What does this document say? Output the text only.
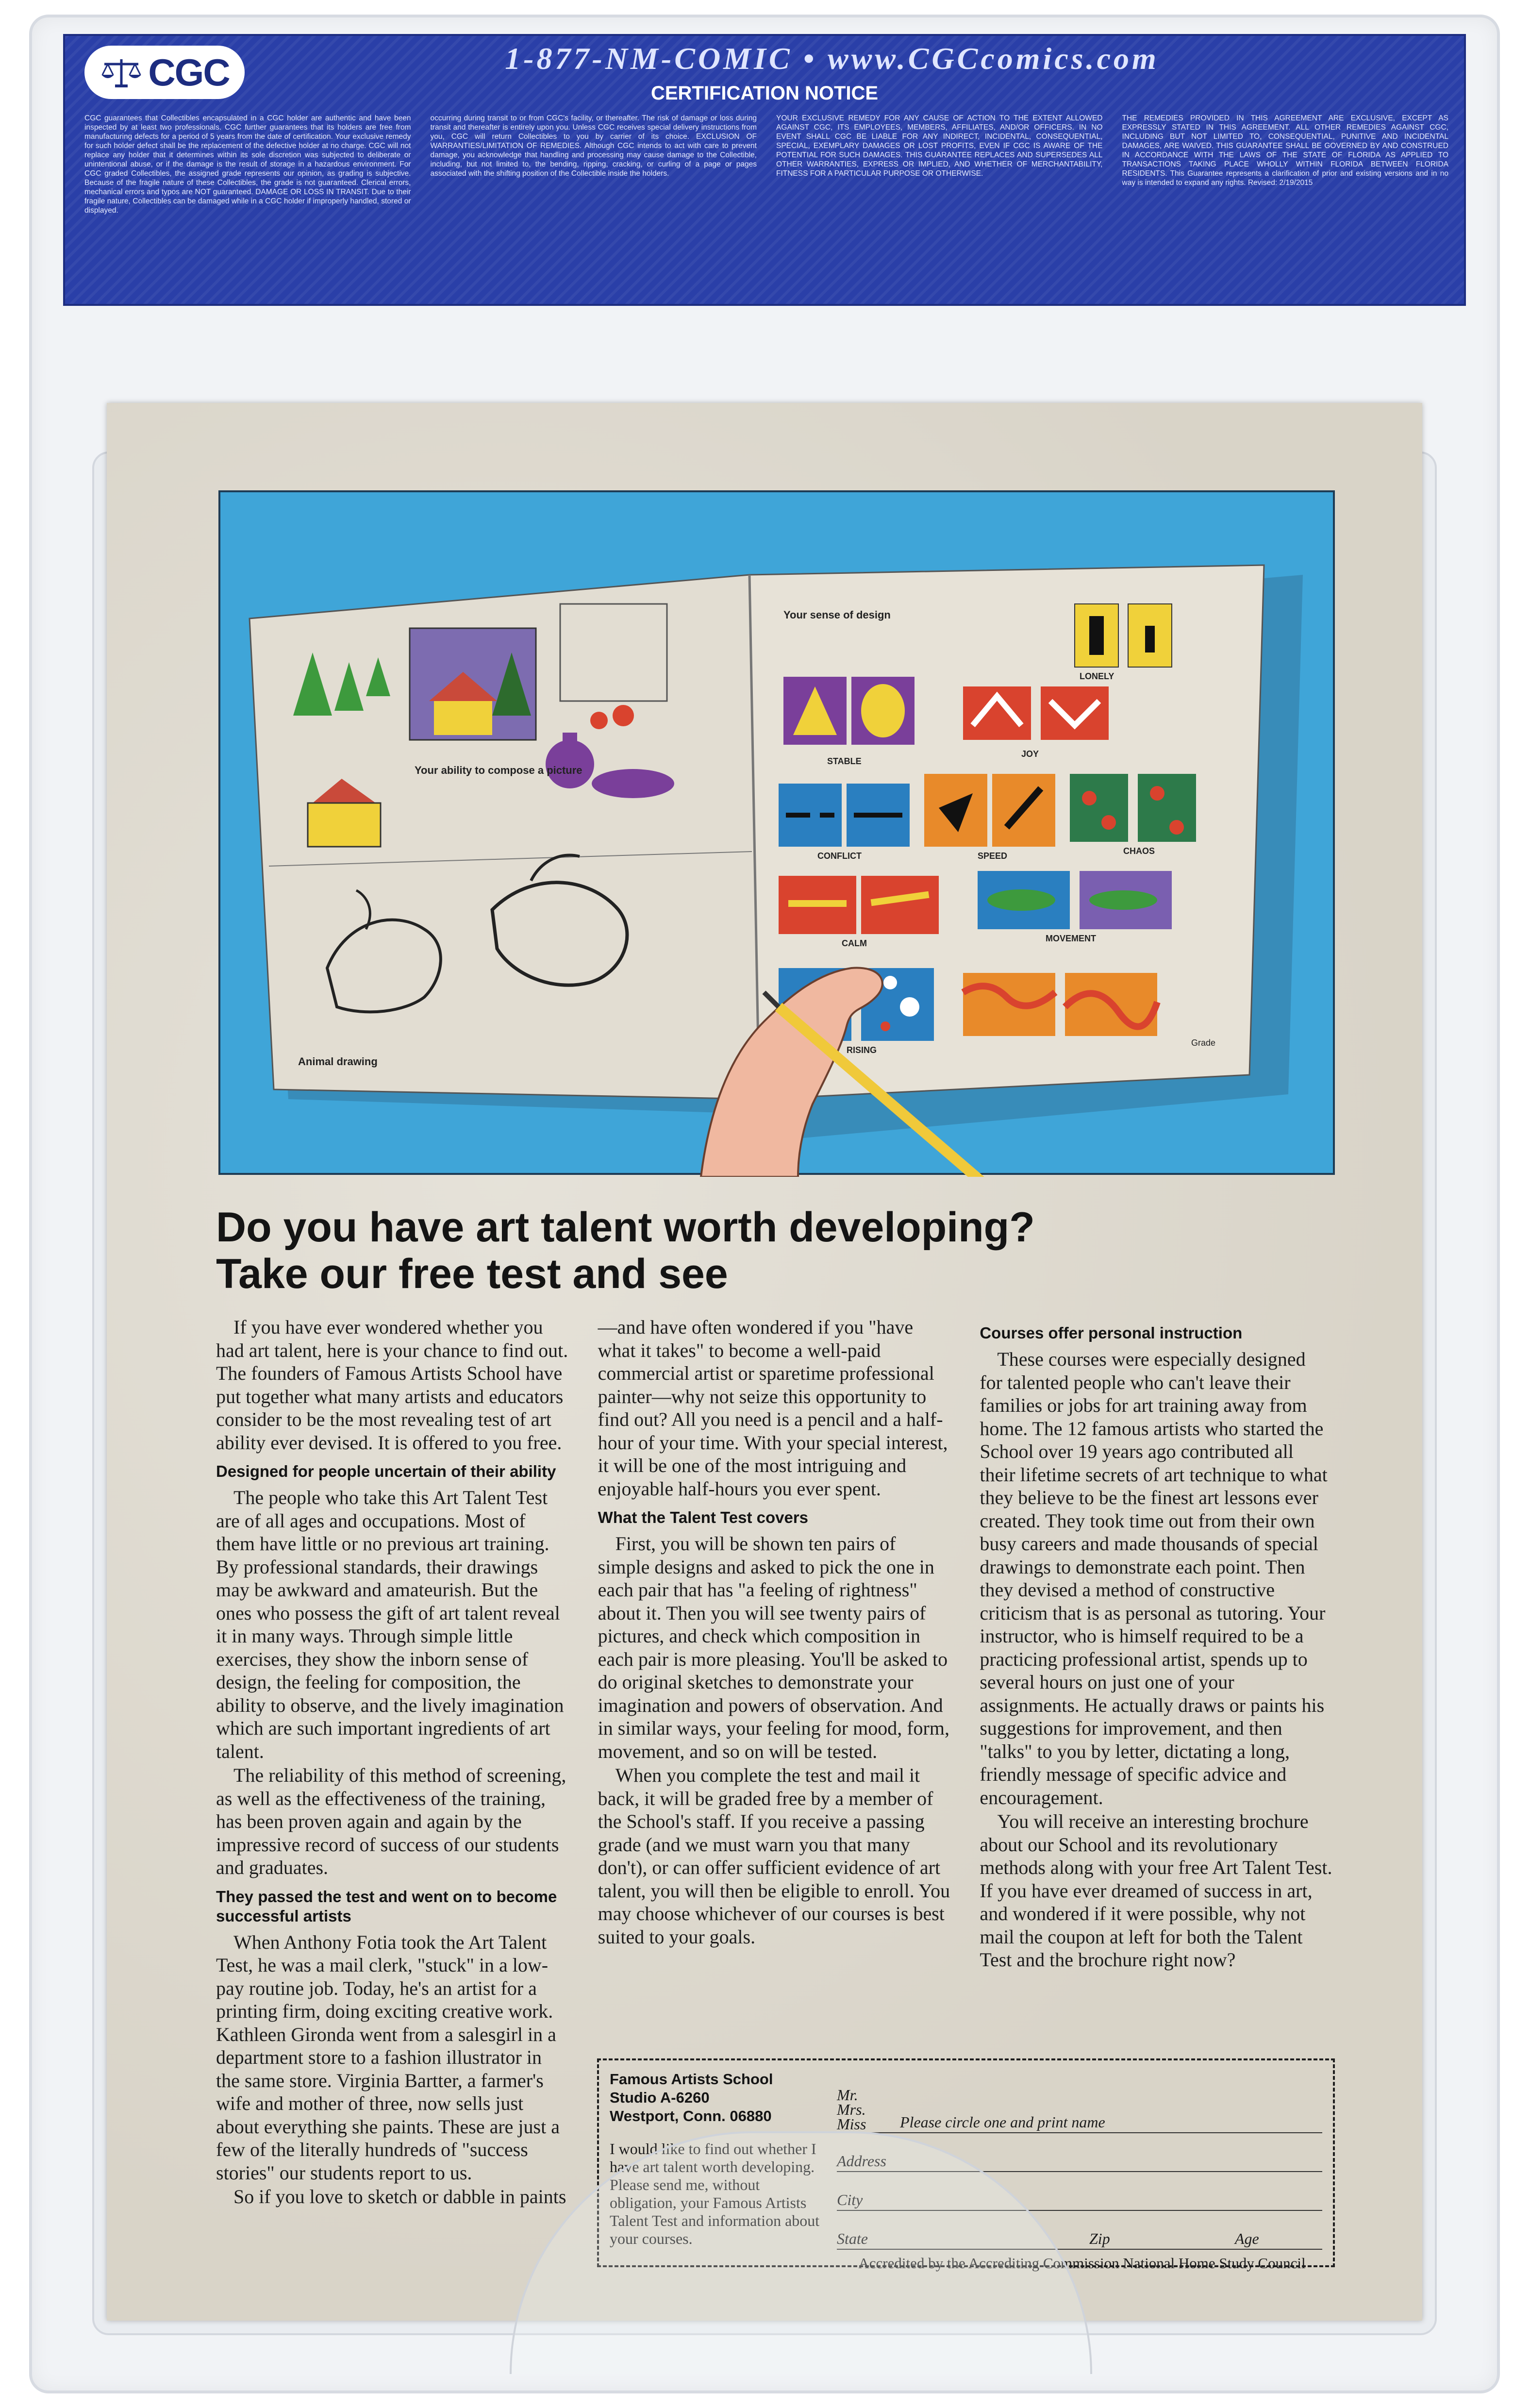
CGC	1-877-NM-COMIC • www.CGCcomics.com
CERTIFICATION NOTICE
CGC guarantees that Collectibles encapsulated in a CGC holder are authentic and have been inspected by at least two professionals. CGC further guarantees that its holders are free from manufacturing defects for a period of 5 years from the date of certification. Your exclusive remedy for such holder defect shall be the replacement of the defective holder at no charge. CGC will not replace any holder that it determines within its sole discretion was subjected to deliberate or unintentional abuse, or if the damage is the result of storage in a hazardous environment. For CGC graded Collectibles, the assigned grade represents our opinion, as grading is subjective. Because of the fragile nature of these Collectibles, the grade is not guaranteed. Clerical errors, mechanical errors and typos are NOT guaranteed. DAMAGE OR LOSS IN TRANSIT. Due to their fragile nature, Collectibles can be damaged while in a CGC holder if improperly handled, stored or displayed.
occurring during transit to or from CGC's facility, or thereafter. The risk of damage or loss during transit and thereafter is entirely upon you. Unless CGC receives special delivery instructions from you, CGC will return Collectibles to you by carrier of its choice. EXCLUSION OF WARRANTIES/LIMITATION OF REMEDIES. Although CGC intends to act with care to prevent damage, you acknowledge that handling and processing may cause damage to the Collectible, including, but not limited to, the bending, ripping, cracking, or curling of a page or pages associated with the shifting position of the Collectible inside the holders.
YOUR EXCLUSIVE REMEDY FOR ANY CAUSE OF ACTION TO THE EXTENT ALLOWED AGAINST CGC, ITS EMPLOYEES, MEMBERS, AFFILIATES, AND/OR OFFICERS. IN NO EVENT SHALL CGC BE LIABLE FOR ANY INDIRECT, INCIDENTAL, CONSEQUENTIAL, SPECIAL, EXEMPLARY DAMAGES OR LOST PROFITS, EVEN IF CGC IS AWARE OF THE POTENTIAL FOR SUCH DAMAGES. THIS GUARANTEE REPLACES AND SUPERSEDES ALL OTHER WARRANTIES, EXPRESS OR IMPLIED, AND WHETHER OF MERCHANTABILITY, FITNESS FOR A PARTICULAR PURPOSE OR OTHERWISE.
THE REMEDIES PROVIDED IN THIS AGREEMENT ARE EXCLUSIVE, EXCEPT AS EXPRESSLY STATED IN THIS AGREEMENT. ALL OTHER REMEDIES AGAINST CGC, INCLUDING BUT NOT LIMITED TO, CONSEQUENTIAL, PUNITIVE AND INCIDENTAL DAMAGES, ARE WAIVED. THIS GUARANTEE SHALL BE GOVERNED BY AND CONSTRUED IN ACCORDANCE WITH THE LAWS OF THE STATE OF FLORIDA AS APPLIED TO TRANSACTIONS TAKING PLACE WHOLLY WITHIN FLORIDA BETWEEN FLORIDA RESIDENTS. This Guarantee represents a clarification of prior and existing versions and in no way is intended to expand any rights. Revised: 2/19/2015
Your ability to compose a picture
Animal drawing
Your sense of design
LONELY
STABLE
JOY
CONFLICT	SPEED	CHAOS
CALM	MOVEMENT
RISING
Grade
Do you have art talent worth developing?
Take our free test and see

If you have ever wondered whether you had art talent, here is your chance to find out. The founders of Famous Artists School have put together what many artists and educators consider to be the most revealing test of art ability ever devised. It is offered to you free.

Designed for people uncertain of their ability

The people who take this Art Talent Test are of all ages and occupations. Most of them have little or no previous art training. By professional standards, their drawings may be awkward and amateurish. But the ones who possess the gift of art talent reveal it in many ways. Through simple little exercises, they show the inborn sense of design, the feeling for composition, the ability to observe, and the lively imagination which are such important ingredients of art talent.

The reliability of this method of screening, as well as the effectiveness of the training, has been proven again and again by the impressive record of success of our students and graduates.

They passed the test and went on to become successful artists

When Anthony Fotia took the Art Talent Test, he was a mail clerk, "stuck" in a low-pay routine job. Today, he's an artist for a printing firm, doing exciting creative work. Kathleen Gironda went from a salesgirl in a department store to a fashion illustrator in the same store. Virginia Bartter, a farmer's wife and mother of three, now sells just about everything she paints. These are just a few of the literally hundreds of "success stories" our students report to us.

So if you love to sketch or dabble in paints

—and have often wondered if you "have what it takes" to become a well-paid commercial artist or sparetime professional painter—why not seize this opportunity to find out? All you need is a pencil and a half-hour of your time. With your special interest, it will be one of the most intriguing and enjoyable half-hours you ever spent.

What the Talent Test covers

First, you will be shown ten pairs of simple designs and asked to pick the one in each pair that has "a feeling of rightness" about it. Then you will see twenty pairs of pictures, and check which composition in each pair is more pleasing. You'll be asked to do original sketches to demonstrate your imagination and powers of observation. And in similar ways, your feeling for mood, form, movement, and so on will be tested.

When you complete the test and mail it back, it will be graded free by a member of the School's staff. If you receive a passing grade (and we must warn you that many don't), or can offer sufficient evidence of art talent, you will then be eligible to enroll. You may choose whichever of our courses is best suited to your goals.

Courses offer personal instruction

These courses were especially designed for talented people who can't leave their families or jobs for art training away from home. The 12 famous artists who started the School over 19 years ago contributed all their lifetime secrets of art technique to what they believe to be the finest art lessons ever created. They took time out from their own busy careers and made thousands of special drawings to demonstrate each point. Then they devised a method of constructive criticism that is as personal as tutoring. Your instructor, who is himself required to be a practicing professional artist, spends up to several hours on just one of your assignments. He actually draws or paints his suggestions for improvement, and then "talks" to you by letter, dictating a long, friendly message of specific advice and encouragement.

You will receive an interesting brochure about our School and its revolutionary methods along with your free Art Talent Test. If you have ever dreamed of success in art, and wondered if it were possible, why not mail the coupon at left for both the Talent Test and the brochure right now?

Famous Artists School
Studio A-6260
Westport, Conn. 06880
I would like to find out whether I have art talent worth developing. Please send me, without obligation, your Famous Artists Talent Test and information about your courses.
Mr.
Mrs.
Miss Please circle one and print name
Address
City
State	Zip	Age
Accredited by the Accrediting Commission National Home Study Council
